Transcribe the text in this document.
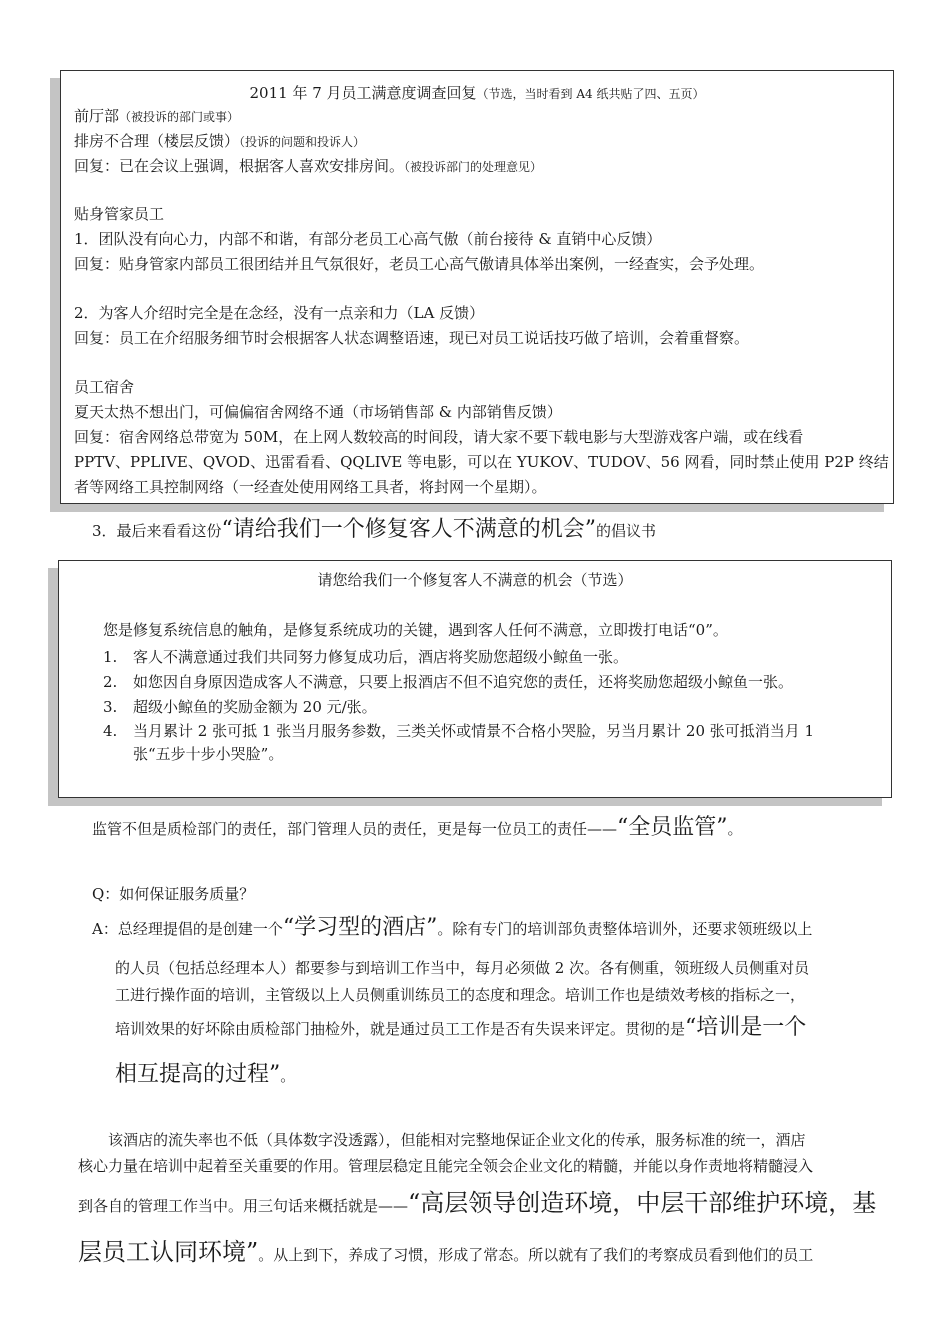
2011 年 7 月员工满意度调查回复（节选，当时看到 A4 纸共贴了四、五页）
前厅部（被投诉的部门或事）
排房不合理（楼层反馈）（投诉的问题和投诉人）
回复：已在会议上强调，根据客人喜欢安排房间。（被投诉部门的处理意见）
贴身管家员工
1．团队没有向心力，内部不和谐，有部分老员工心高气傲（前台接待 & 直销中心反馈）
回复：贴身管家内部员工很团结并且气氛很好，老员工心高气傲请具体举出案例，一经查实，会予处理。
2．为客人介绍时完全是在念经，没有一点亲和力（LA 反馈）
回复：员工在介绍服务细节时会根据客人状态调整语速，现已对员工说话技巧做了培训，会着重督察。
员工宿舍
夏天太热不想出门，可偏偏宿舍网络不通（市场销售部 & 内部销售反馈）
回复：宿舍网络总带宽为 50M，在上网人数较高的时间段，请大家不要下载电影与大型游戏客户端，或在线看
PPTV、PPLIVE、QVOD、迅雷看看、QQLIVE 等电影，可以在 YUKOV、TUDOV、56 网看，同时禁止使用 P2P 终结
者等网络工具控制网络（一经查处使用网络工具者，将封网一个星期）。
3．最后来看看这份“请给我们一个修复客人不满意的机会”的倡议书
请您给我们一个修复客人不满意的机会（节选）
您是修复系统信息的触角，是修复系统成功的关键，遇到客人任何不满意，立即拨打电话“0”。
1. 客人不满意通过我们共同努力修复成功后，酒店将奖励您超级小鲸鱼一张。
2. 如您因自身原因造成客人不满意，只要上报酒店不但不追究您的责任，还将奖励您超级小鲸鱼一张。
3. 超级小鲸鱼的奖励金额为 20 元/张。
4. 当月累计 2 张可抵 1 张当月服务参数，三类关怀或情景不合格小哭脸，另当月累计 20 张可抵消当月 1
张“五步十步小哭脸”。
监管不但是质检部门的责任，部门管理人员的责任，更是每一位员工的责任——“全员监管”。
Q：如何保证服务质量？
A：总经理提倡的是创建一个“学习型的酒店”。除有专门的培训部负责整体培训外，还要求领班级以上
的人员（包括总经理本人）都要参与到培训工作当中，每月必须做 2 次。各有侧重，领班级人员侧重对员
工进行操作面的培训，主管级以上人员侧重训练员工的态度和理念。培训工作也是绩效考核的指标之一，
培训效果的好坏除由质检部门抽检外，就是通过员工工作是否有失误来评定。贯彻的是“培训是一个
相互提高的过程”。
该酒店的流失率也不低（具体数字没透露），但能相对完整地保证企业文化的传承，服务标准的统一，酒店
核心力量在培训中起着至关重要的作用。管理层稳定且能完全领会企业文化的精髓，并能以身作责地将精髓浸入
到各自的管理工作当中。用三句话来概括就是——“高层领导创造环境，中层干部维护环境，基
层员工认同环境”。从上到下，养成了习惯，形成了常态。所以就有了我们的考察成员看到他们的员工
